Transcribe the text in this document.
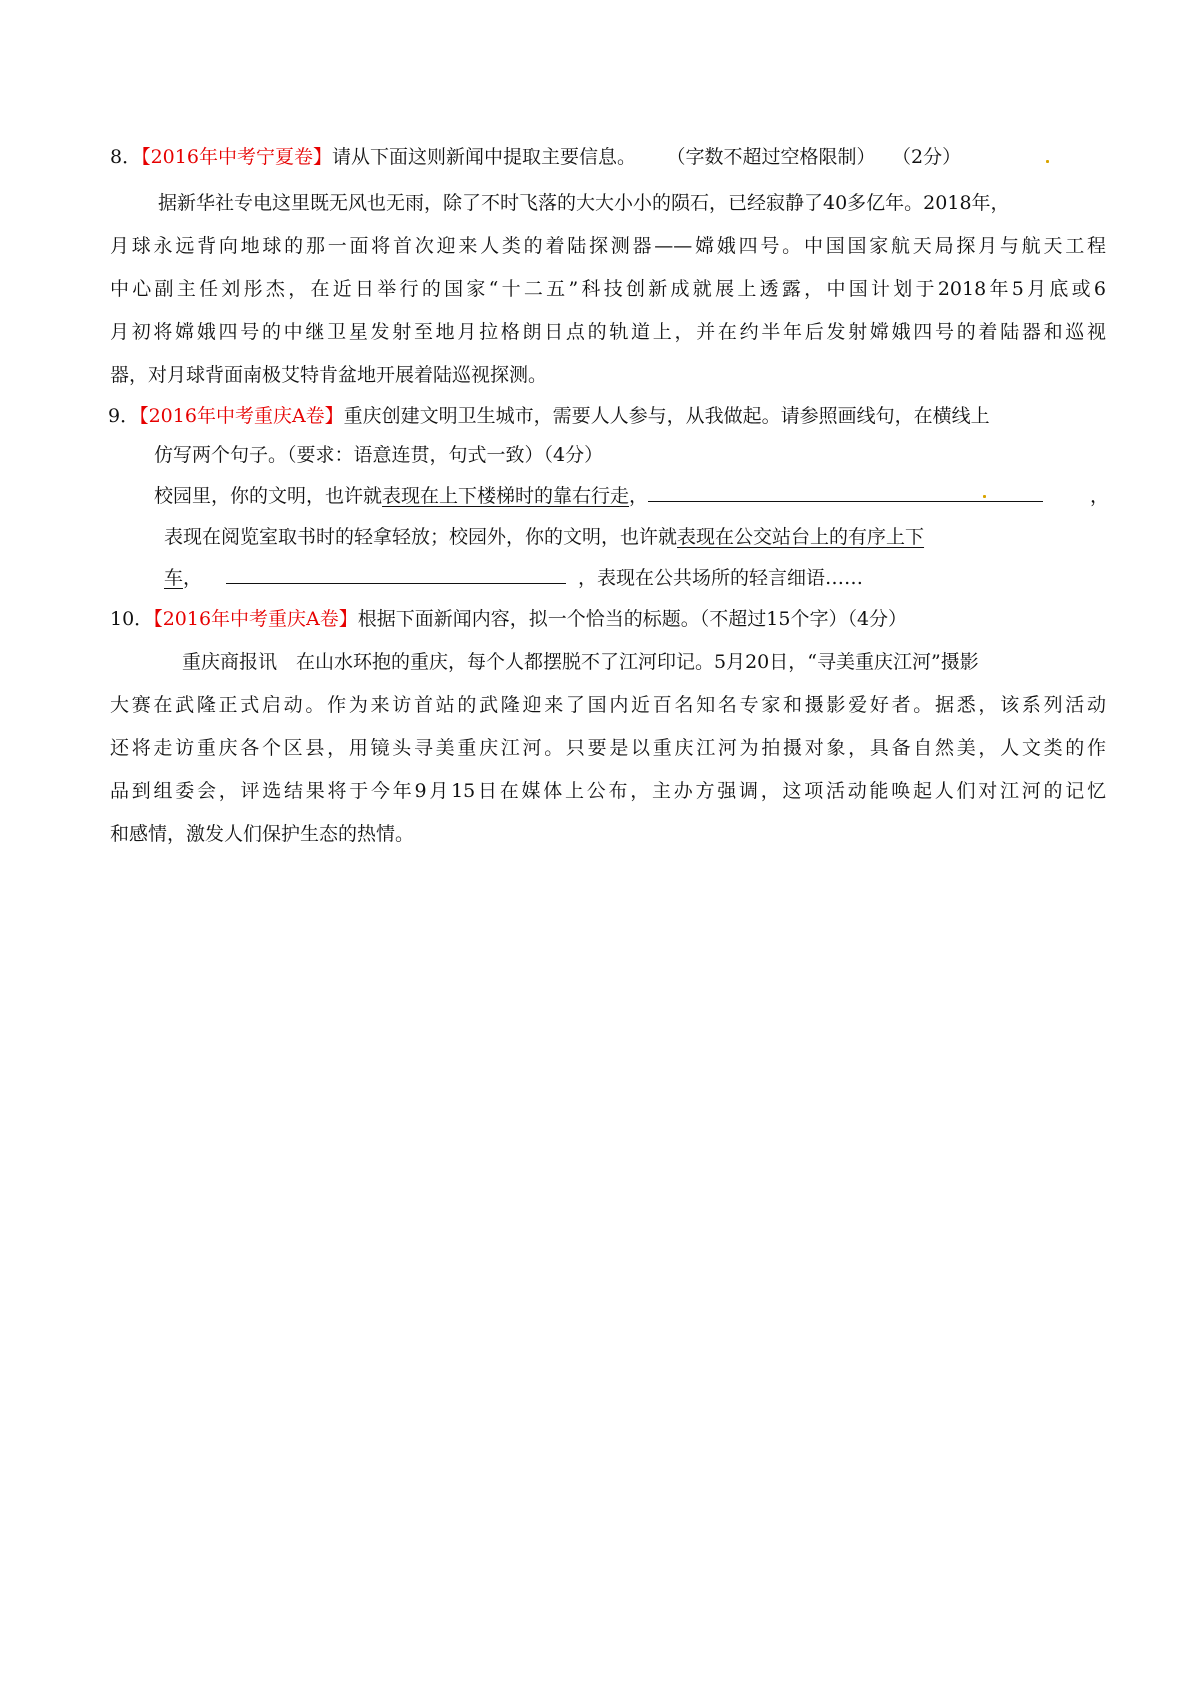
8．【2016年中考宁夏卷】请从下面这则新闻中提取主要信息。 （字数不超过空格限制） （2分）
据新华社专电这里既无风也无雨，除了不时飞落的大大小小的陨石，已经寂静了40多亿年。2018年，
月球永远背向地球的那一面将首次迎来人类的着陆探测器——嫦娥四号。中国国家航天局探月与航天工程
中心副主任刘彤杰，在近日举行的国家“十二五”科技创新成就展上透露，中国计划于2018年5月底或6
月初将嫦娥四号的中继卫星发射至地月拉格朗日点的轨道上，并在约半年后发射嫦娥四号的着陆器和巡视
器，对月球背面南极艾特肯盆地开展着陆巡视探测。
9．【2016年中考重庆A卷】重庆创建文明卫生城市，需要人人参与，从我做起。请参照画线句，在横线上
仿写两个句子。（要求：语意连贯，句式一致）（4分）
校园里，你的文明，也许就表现在上下楼梯时的靠右行走，	，
表现在阅览室取书时的轻拿轻放；校园外，你的文明，也许就表现在公交站台上的有序上下
车，	，表现在公共场所的轻言细语……
10．【2016年中考重庆A卷】根据下面新闻内容，拟一个恰当的标题。（不超过15个字）（4分）
重庆商报讯　在山水环抱的重庆，每个人都摆脱不了江河印记。5月20日，“寻美重庆江河”摄影
大赛在武隆正式启动。作为来访首站的武隆迎来了国内近百名知名专家和摄影爱好者。据悉，该系列活动
还将走访重庆各个区县，用镜头寻美重庆江河。只要是以重庆江河为拍摄对象，具备自然美，人文类的作
品到组委会，评选结果将于今年9月15日在媒体上公布，主办方强调，这项活动能唤起人们对江河的记忆
和感情，激发人们保护生态的热情。
